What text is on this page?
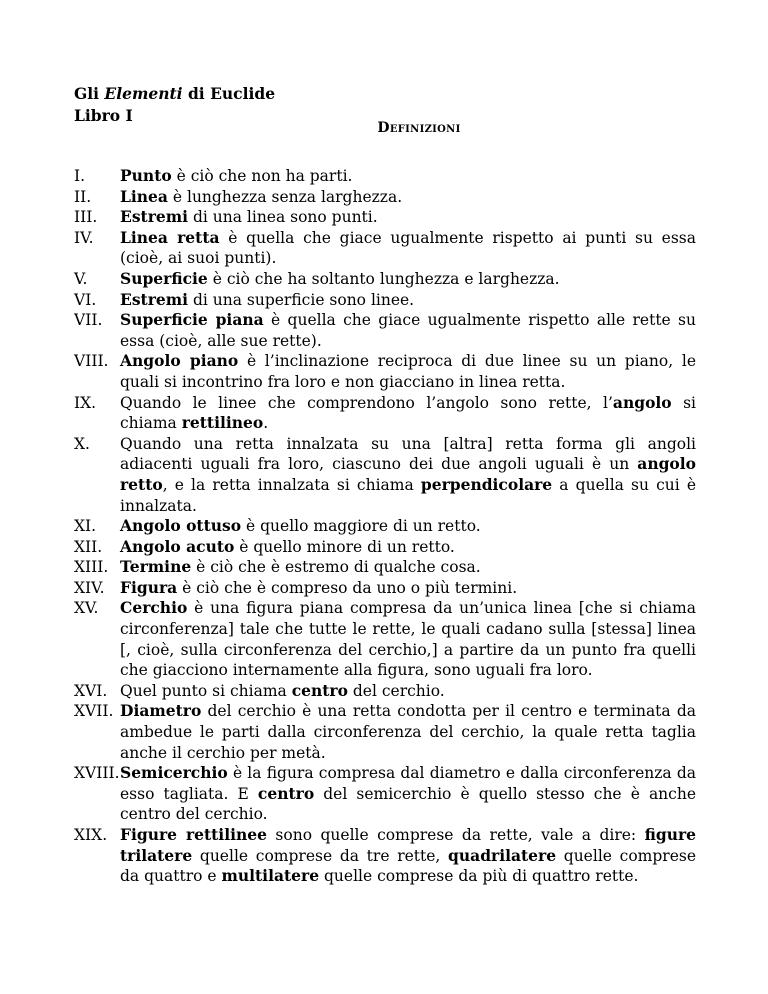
Gli Elementi di Euclide
Libro I
Definizioni
I.	Punto è ciò che non ha parti.
II.	Linea è lunghezza senza larghezza.
III.	Estremi di una linea sono punti.
IV.	Linea retta è quella che giace ugualmente rispetto ai punti su essa (cioè, ai suoi punti).
V.	Superficie è ciò che ha soltanto lunghezza e larghezza.
VI.	Estremi di una superficie sono linee.
VII.	Superficie piana è quella che giace ugualmente rispetto alle rette su essa (cioè, alle sue rette).
VIII. Angolo piano è l’inclinazione reciproca di due linee su un piano, le quali si incontrino fra loro e non giacciano in linea retta.
IX.	Quando le linee che comprendono l’angolo sono rette, l’angolo si chiama rettilineo.
X.	Quando una retta innalzata su una [altra] retta forma gli angoli adiacenti uguali fra loro, ciascuno dei due angoli uguali è un angolo retto, e la retta innalzata si chiama perpendicolare a quella su cui è innalzata.
XI.	Angolo ottuso è quello maggiore di un retto.
XII.	Angolo acuto è quello minore di un retto.
XIII. Termine è ciò che è estremo di qualche cosa.
XIV. Figura è ciò che è compreso da uno o più termini.
XV.	Cerchio è una figura piana compresa da un’unica linea [che si chiama circonferenza] tale che tutte le rette, le quali cadano sulla [stessa] linea [, cioè, sulla circonferenza del cerchio,] a partire da un punto fra quelli che giacciono internamente alla figura, sono uguali fra loro.
XVI. Quel punto si chiama centro del cerchio.
XVII. Diametro del cerchio è una retta condotta per il centro e terminata da ambedue le parti dalla circonferenza del cerchio, la quale retta taglia anche il cerchio per metà.
XVIII. Semicerchio è la figura compresa dal diametro e dalla circonferenza da esso tagliata. E centro del semicerchio è quello stesso che è anche centro del cerchio.
XIX. Figure rettilinee sono quelle comprese da rette, vale a dire: figure trilatere quelle comprese da tre rette, quadrilatere quelle comprese da quattro e multilatere quelle comprese da più di quattro rette.
